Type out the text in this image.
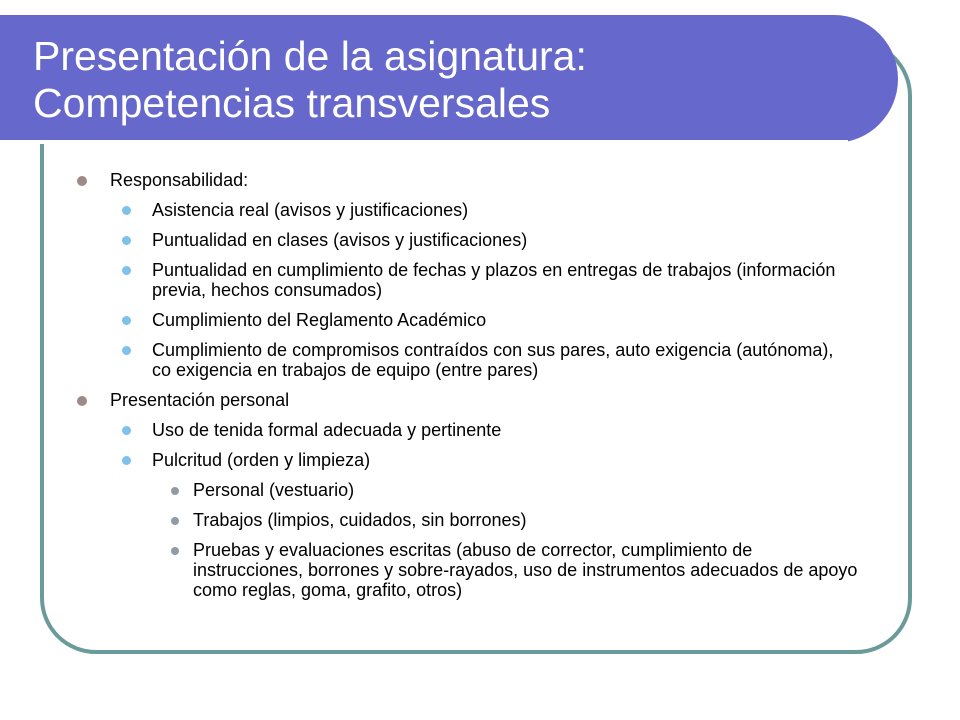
Presentación de la asignatura:
Competencias transversales
Responsabilidad:
Asistencia real (avisos y justificaciones)
Puntualidad en clases (avisos y justificaciones)
Puntualidad en cumplimiento de fechas y plazos en entregas de trabajos (información previa, hechos consumados)
Cumplimiento del Reglamento Académico
Cumplimiento de compromisos contraídos con sus pares, auto exigencia (autónoma), co exigencia en trabajos de equipo (entre pares)
Presentación personal
Uso de tenida formal adecuada y pertinente
Pulcritud (orden y limpieza)
Personal (vestuario)
Trabajos (limpios, cuidados, sin borrones)
Pruebas y evaluaciones escritas (abuso de corrector, cumplimiento de instrucciones, borrones y sobre-rayados, uso de instrumentos adecuados de apoyo como reglas, goma, grafito, otros)
